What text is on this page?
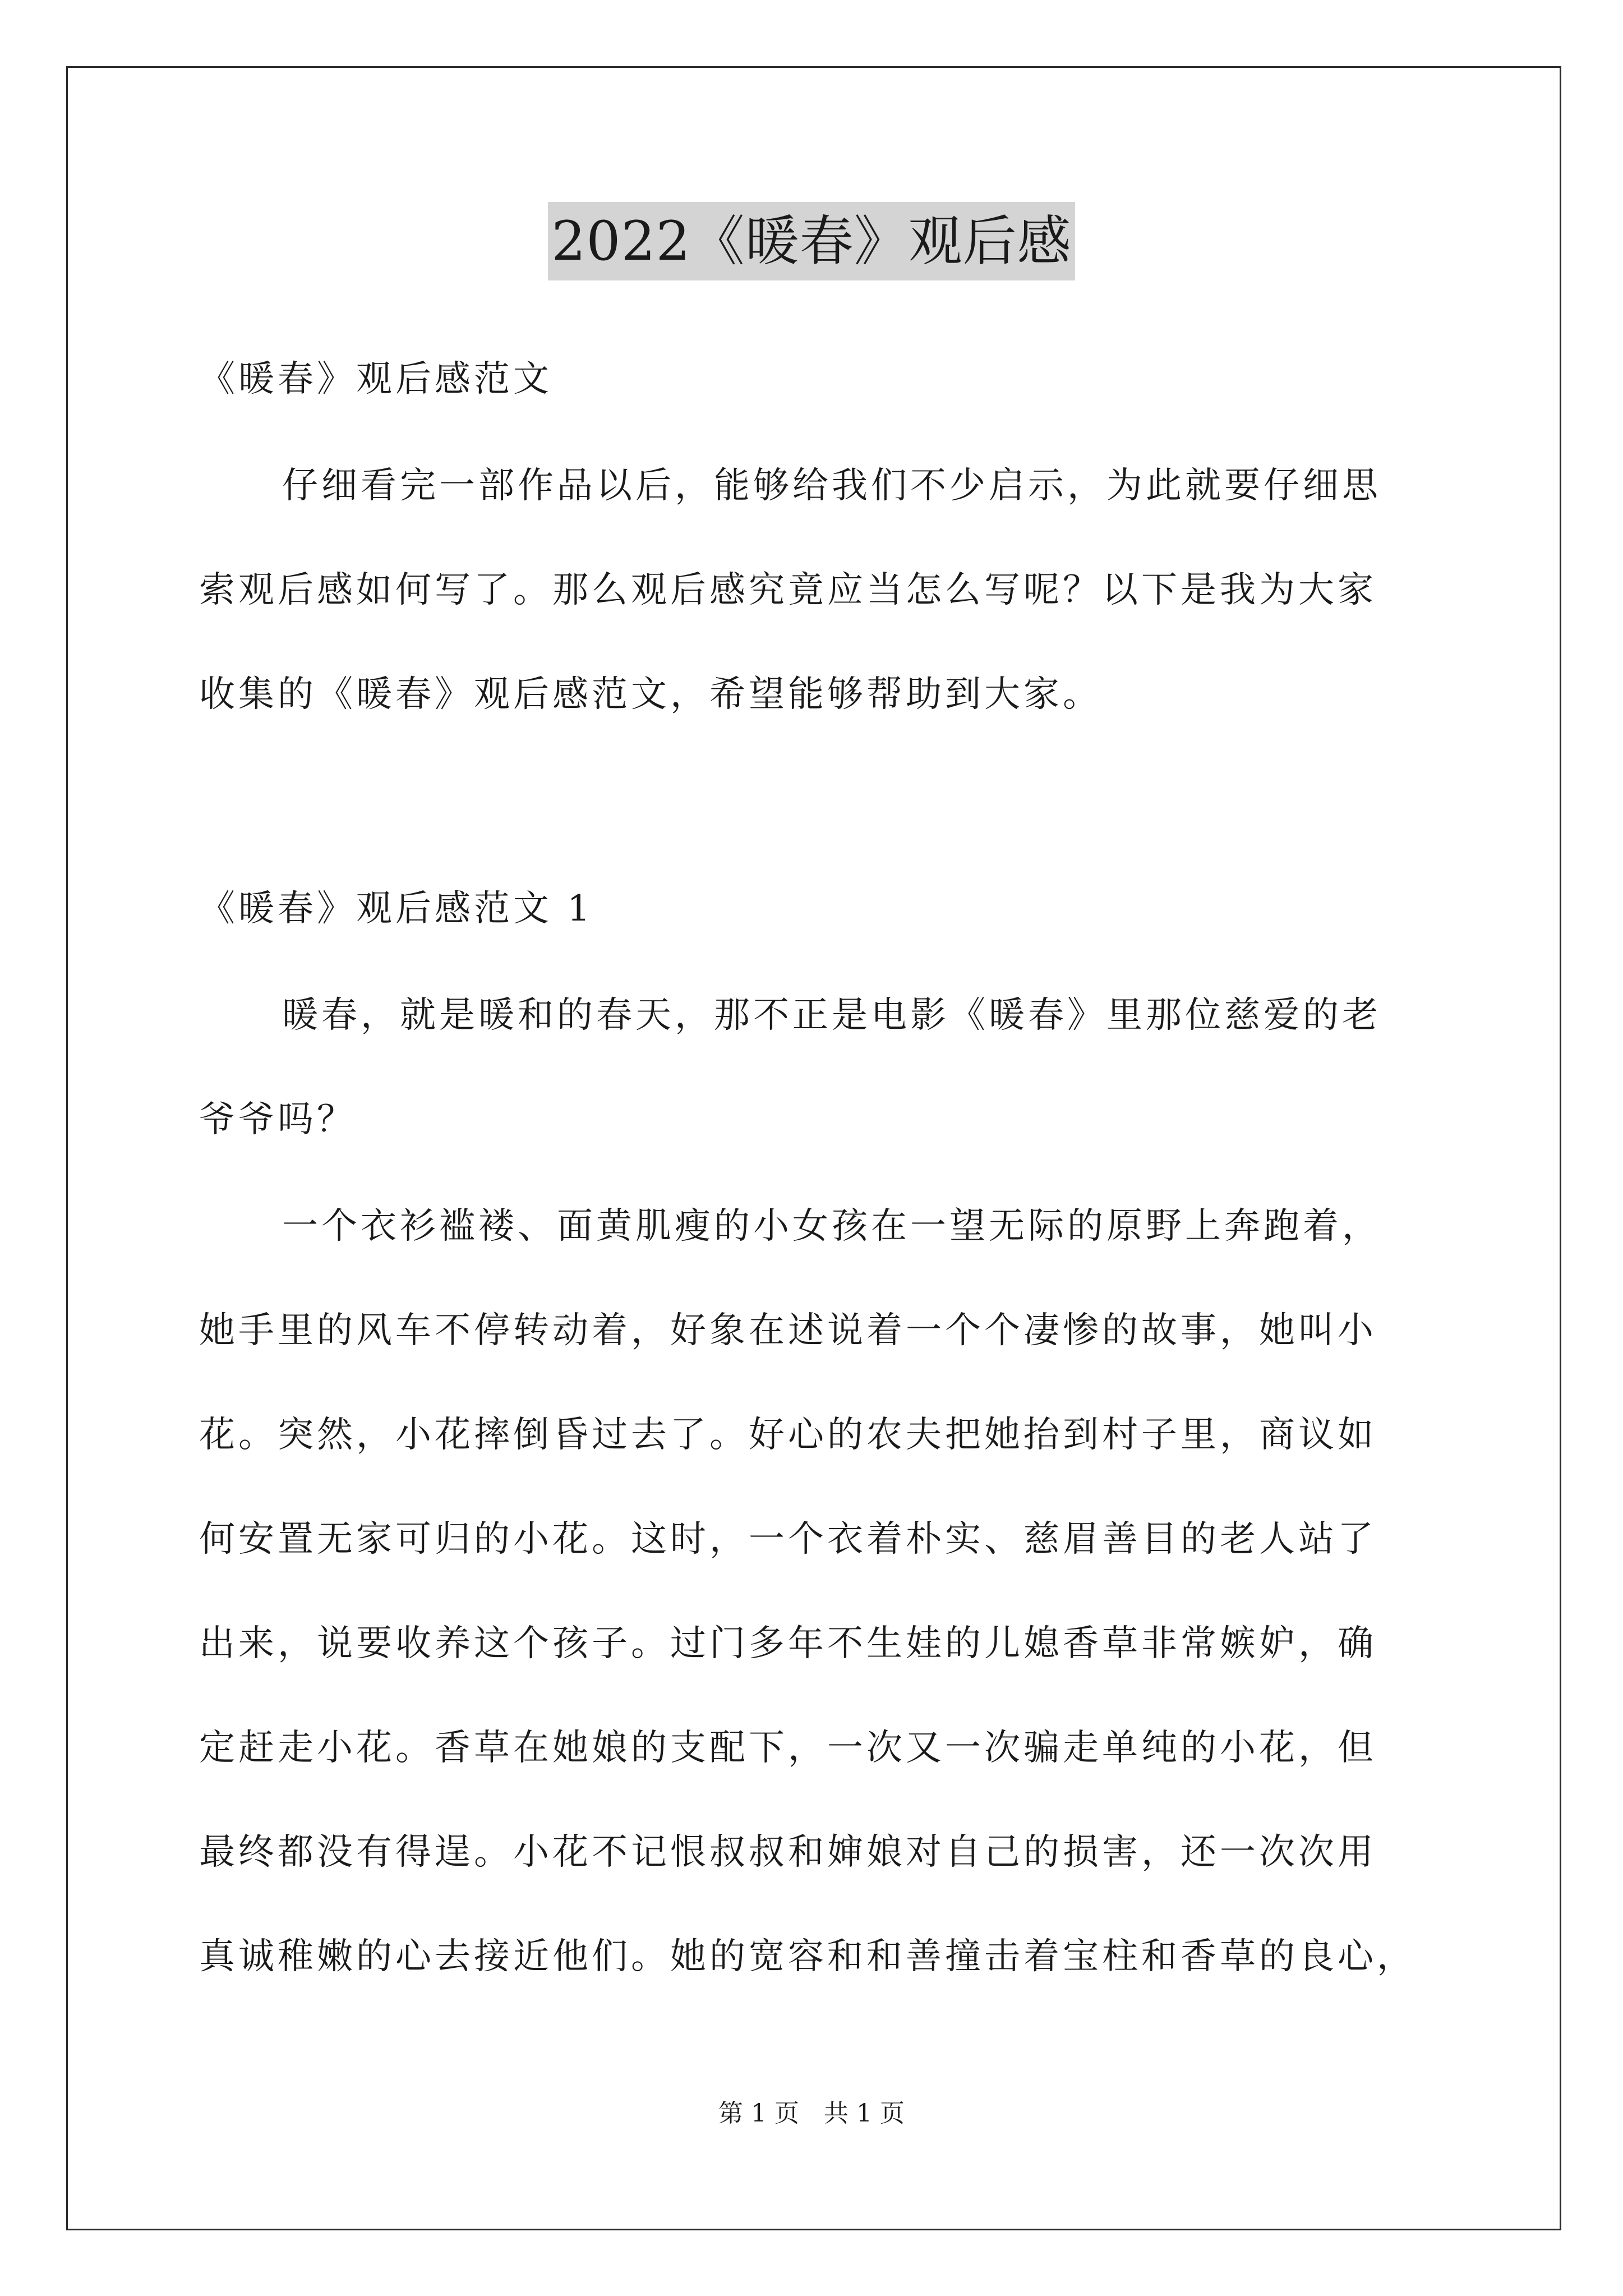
2022《暖春》观后感
《暖春》观后感范文
仔细看完一部作品以后，能够给我们不少启示，为此就要仔细思
索观后感如何写了。那么观后感究竟应当怎么写呢？以下是我为大家
收集的《暖春》观后感范文，希望能够帮助到大家。
《暖春》观后感范文 1
暖春，就是暖和的春天，那不正是电影《暖春》里那位慈爱的老
爷爷吗？
一个衣衫褴褛、面黄肌瘦的小女孩在一望无际的原野上奔跑着，
她手里的风车不停转动着，好象在述说着一个个凄惨的故事，她叫小
花。突然，小花摔倒昏过去了。好心的农夫把她抬到村子里，商议如
何安置无家可归的小花。这时，一个衣着朴实、慈眉善目的老人站了
出来，说要收养这个孩子。过门多年不生娃的儿媳香草非常嫉妒，确
定赶走小花。香草在她娘的支配下，一次又一次骗走单纯的小花，但
最终都没有得逞。小花不记恨叔叔和婶娘对自己的损害，还一次次用
真诚稚嫩的心去接近他们。她的宽容和和善撞击着宝柱和香草的良心，
第 1 页　共 1 页
